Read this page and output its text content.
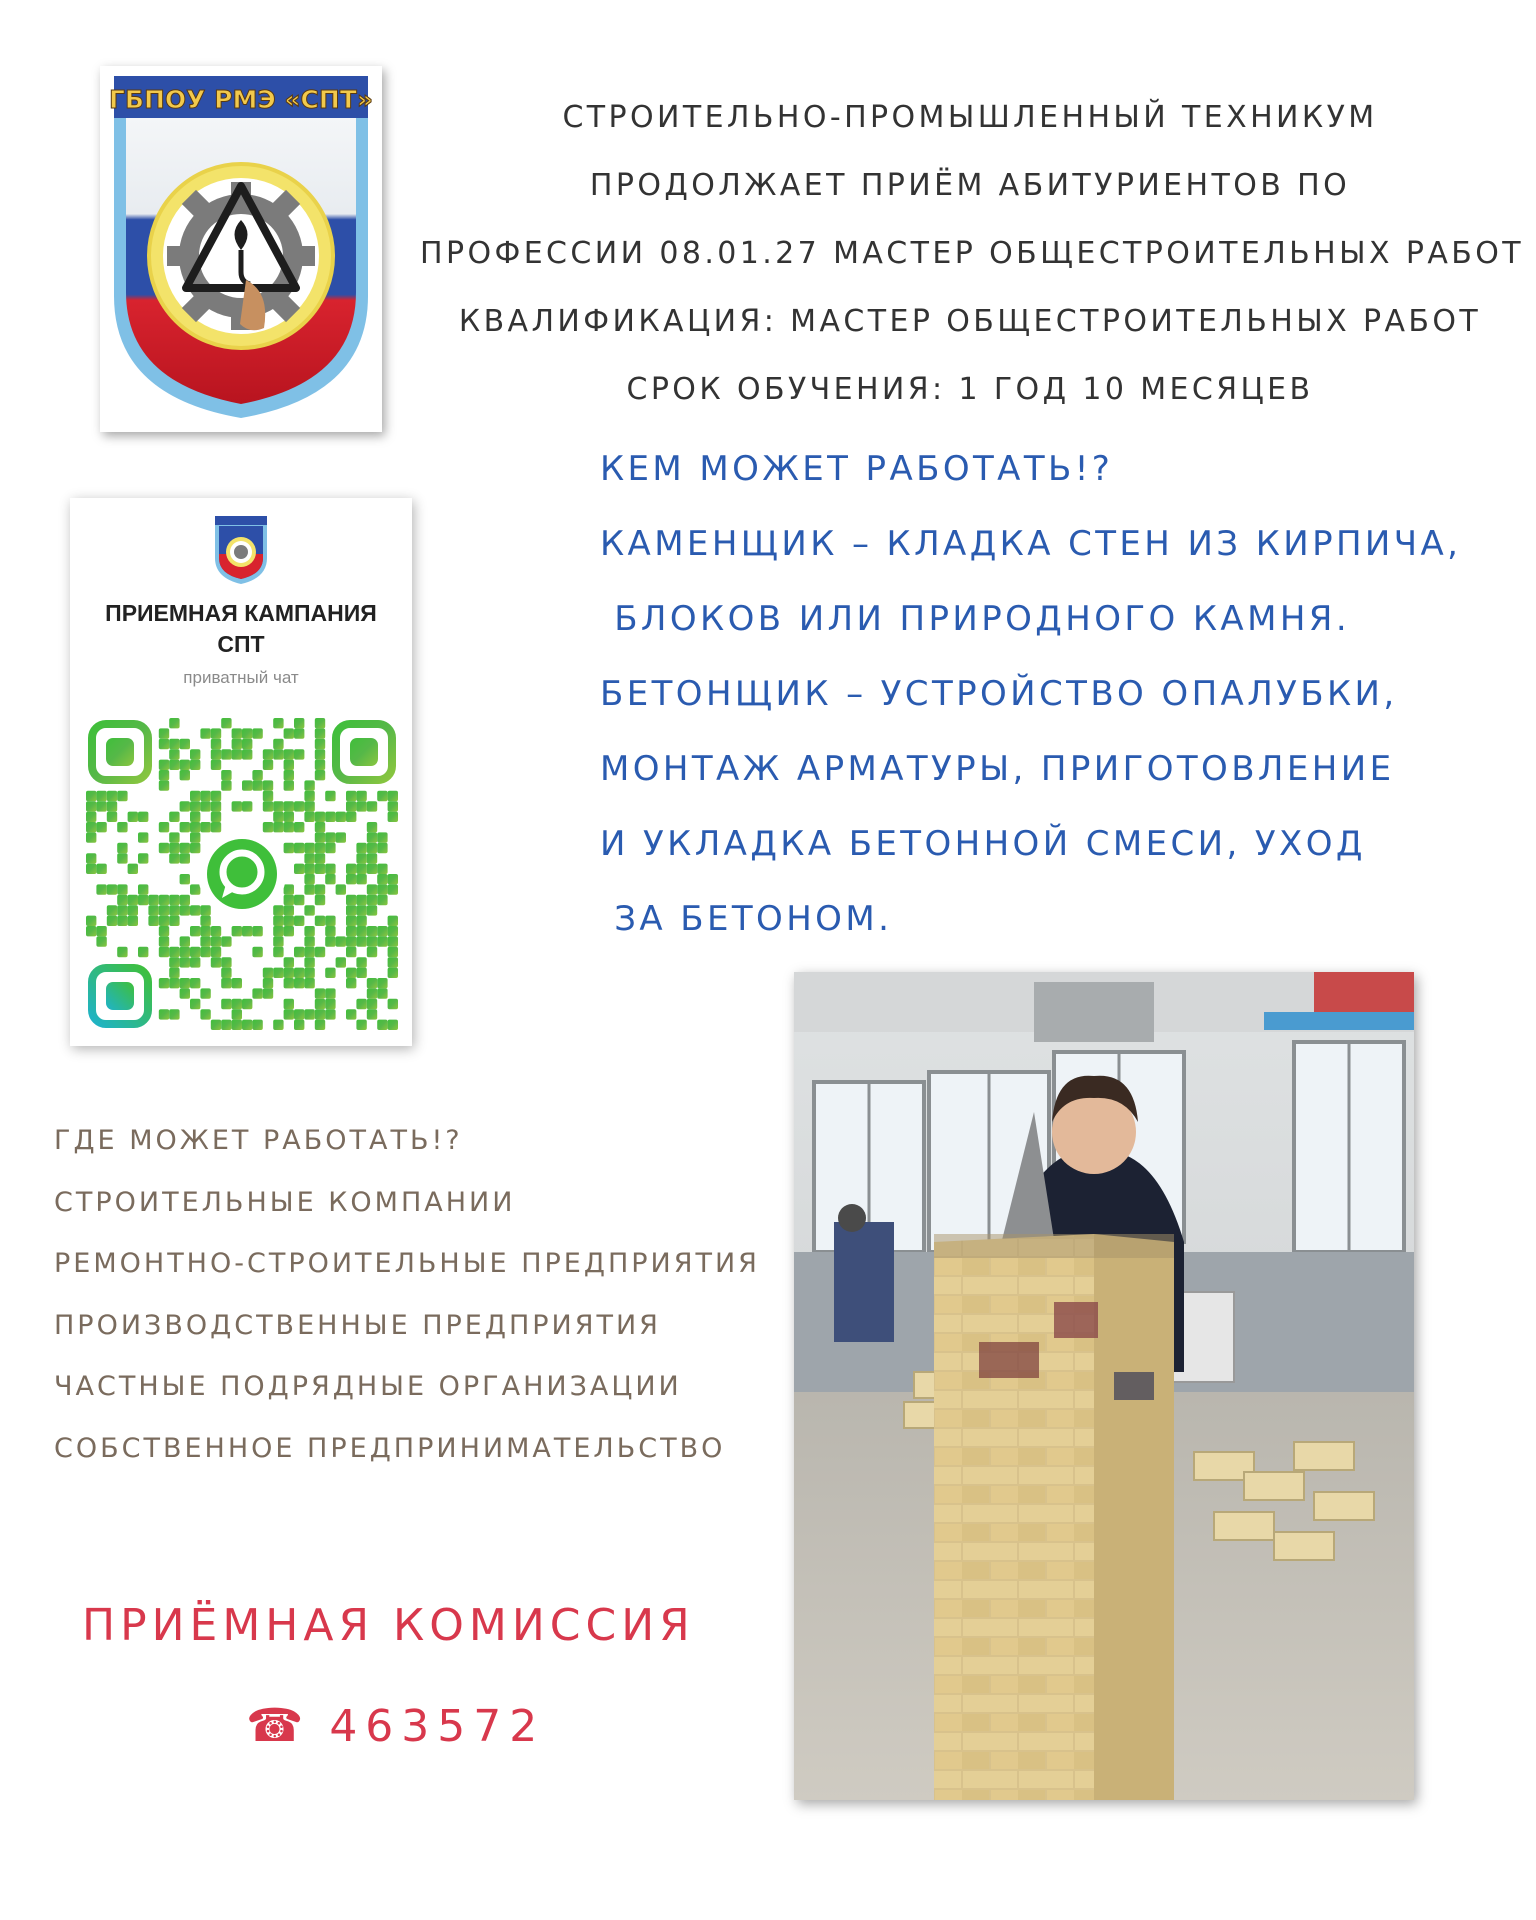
ГБПОУ РМЭ «СПТ»
СТРОИТЕЛЬНО-ПРОМЫШЛЕННЫЙ ТЕХНИКУМ
ПРОДОЛЖАЕТ ПРИЁМ АБИТУРИЕНТОВ ПО
ПРОФЕССИИ 08.01.27 МАСТЕР ОБЩЕСТРОИТЕЛЬНЫХ РАБОТ
КВАЛИФИКАЦИЯ: МАСТЕР ОБЩЕСТРОИТЕЛЬНЫХ РАБОТ
СРОК ОБУЧЕНИЯ: 1 ГОД 10 МЕСЯЦЕВ
ПРИЕМНАЯ КАМПАНИЯ
СПТ
приватный чат
КЕМ МОЖЕТ РАБОТАТЬ!?
КАМЕНЩИК – КЛАДКА СТЕН ИЗ КИРПИЧА,
БЛОКОВ ИЛИ ПРИРОДНОГО КАМНЯ.
БЕТОНЩИК – УСТРОЙСТВО ОПАЛУБКИ,
МОНТАЖ АРМАТУРЫ, ПРИГОТОВЛЕНИЕ
И УКЛАДКА БЕТОННОЙ СМЕСИ, УХОД
ЗА БЕТОНОМ.
ГДЕ МОЖЕТ РАБОТАТЬ!?
СТРОИТЕЛЬНЫЕ КОМПАНИИ
РЕМОНТНО-СТРОИТЕЛЬНЫЕ ПРЕДПРИЯТИЯ
ПРОИЗВОДСТВЕННЫЕ ПРЕДПРИЯТИЯ
ЧАСТНЫЕ ПОДРЯДНЫЕ ОРГАНИЗАЦИИ
СОБСТВЕННОЕ ПРЕДПРИНИМАТЕЛЬСТВО
ПРИЁМНАЯ КОМИССИЯ
☎ 463572
